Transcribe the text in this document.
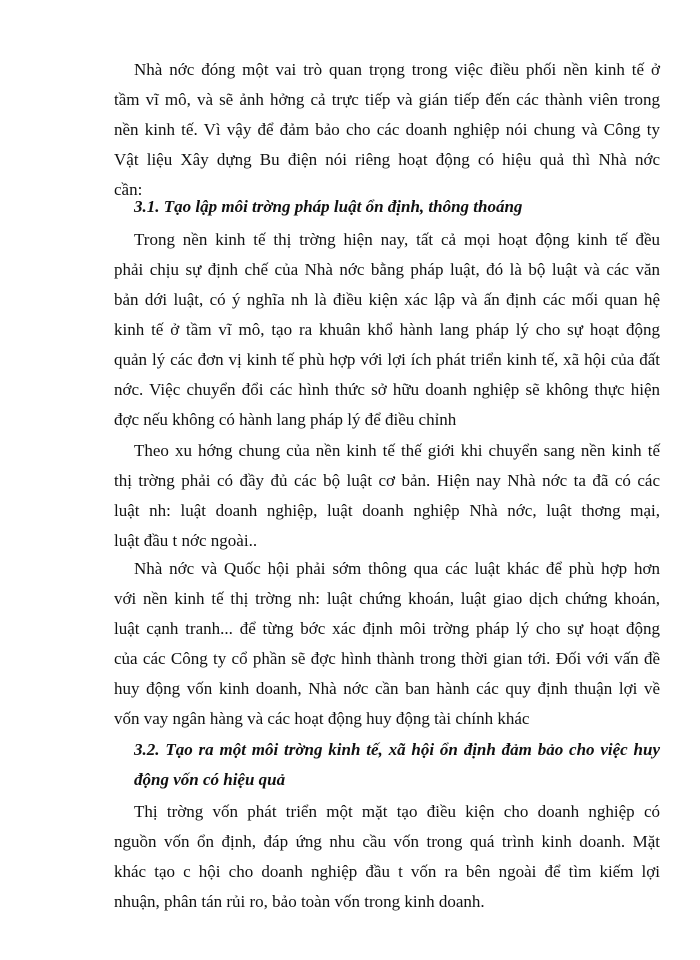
Nhà nớc đóng một vai trò quan trọng trong việc điều phối nền kinh tế ở
tầm vĩ mô, và sẽ ảnh hởng cả trực tiếp và gián tiếp đến các thành viên trong
nền kinh tế. Vì vậy để đảm bảo cho các doanh nghiệp nói chung và Công ty
Vật liệu Xây dựng Bu điện nói riêng hoạt động có hiệu quả thì Nhà nớc
cần:
3.1. Tạo lập môi trờng pháp luật ổn định, thông thoáng
Trong nền kinh tế thị trờng hiện nay, tất cả mọi hoạt động kinh tế đều
phải chịu sự định chế của Nhà nớc bằng pháp luật, đó là bộ luật và các văn
bản dới luật, có ý nghĩa nh là điều kiện xác lập và ấn định các mối quan hệ
kinh tế ở tầm vĩ mô, tạo ra khuân khổ hành lang pháp lý cho sự hoạt động
quản lý các đơn vị kinh tế phù hợp với lợi ích phát triển kinh tế, xã hội của đất
nớc. Việc chuyển đổi các hình thức sở hữu doanh nghiệp sẽ không thực hiện
đợc nếu không có hành lang pháp lý để điều chỉnh
Theo xu hớng chung của nền kinh tế thế giới khi chuyển sang nền kinh tế
thị trờng phải có đầy đủ các bộ luật cơ bản. Hiện nay Nhà nớc ta đã có các
luật nh: luật doanh nghiệp, luật doanh nghiệp Nhà nớc, luật thơng mại,
luật đầu t nớc ngoài..
Nhà nớc và Quốc hội phải sớm thông qua các luật khác để phù hợp hơn
với nền kinh tế thị trờng nh: luật chứng khoán, luật giao dịch chứng khoán,
luật cạnh tranh... để từng bớc xác định môi trờng pháp lý cho sự hoạt động
của các Công ty cổ phần sẽ đợc hình thành trong thời gian tới. Đối với vấn đề
huy động vốn kinh doanh, Nhà nớc cần ban hành các quy định thuận lợi về
vốn vay ngân hàng và các hoạt động huy động tài chính khác
3.2. Tạo ra một môi trờng kinh tế, xã hội ổn định đảm bảo cho việc huy
động vốn có hiệu quả
Thị trờng vốn phát triển một mặt tạo điều kiện cho doanh nghiệp có
nguồn vốn ổn định, đáp ứng nhu cầu vốn trong quá trình kinh doanh. Mặt
khác tạo c hội cho doanh nghiệp đầu t vốn ra bên ngoài để tìm kiếm lợi
nhuận, phân tán rủi ro, bảo toàn vốn trong kinh doanh.
